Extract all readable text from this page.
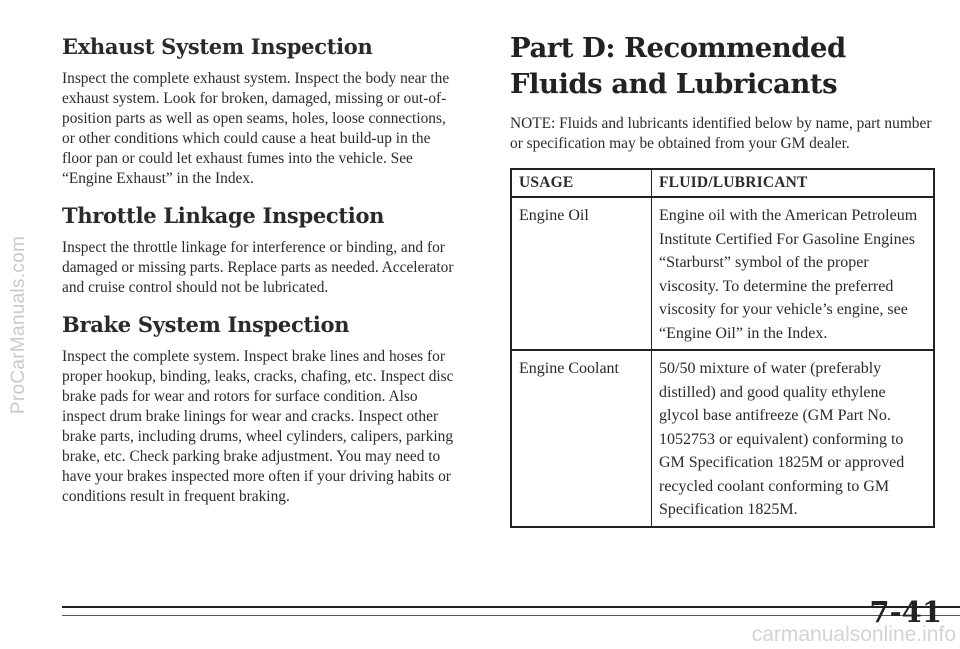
ProCarManuals.com
Exhaust System Inspection

Inspect the complete exhaust system. Inspect the body near the exhaust system. Look for broken, damaged, missing or out-of-position parts as well as open seams, holes, loose connections, or other conditions which could cause a heat build-up in the floor pan or could let exhaust fumes into the vehicle. See “Engine Exhaust” in the Index.

Throttle Linkage Inspection

Inspect the throttle linkage for interference or binding, and for damaged or missing parts. Replace parts as needed. Accelerator and cruise control should not be lubricated.

Brake System Inspection

Inspect the complete system. Inspect brake lines and hoses for proper hookup, binding, leaks, cracks, chafing, etc. Inspect disc brake pads for wear and rotors for surface condition. Also inspect drum brake linings for wear and cracks. Inspect other brake parts, including drums, wheel cylinders, calipers, parking brake, etc. Check parking brake adjustment. You may need to have your brakes inspected more often if your driving habits or conditions result in frequent braking.

Part D: Recommended Fluids and Lubricants

NOTE: Fluids and lubricants identified below by name, part number or specification may be obtained from your GM dealer.

USAGE	FLUID/LUBRICANT
Engine Oil	Engine oil with the American Petroleum Institute Certified For Gasoline Engines “Starburst” symbol of the proper viscosity. To determine the preferred viscosity for your vehicle’s engine, see “Engine Oil” in the Index.
Engine Coolant	50/50 mixture of water (preferably distilled) and good quality ethylene glycol base antifreeze (GM Part No. 1052753 or equivalent) conforming to GM Specification 1825M or approved recycled coolant conforming to GM Specification 1825M.
7-41
carmanualsonline.info
